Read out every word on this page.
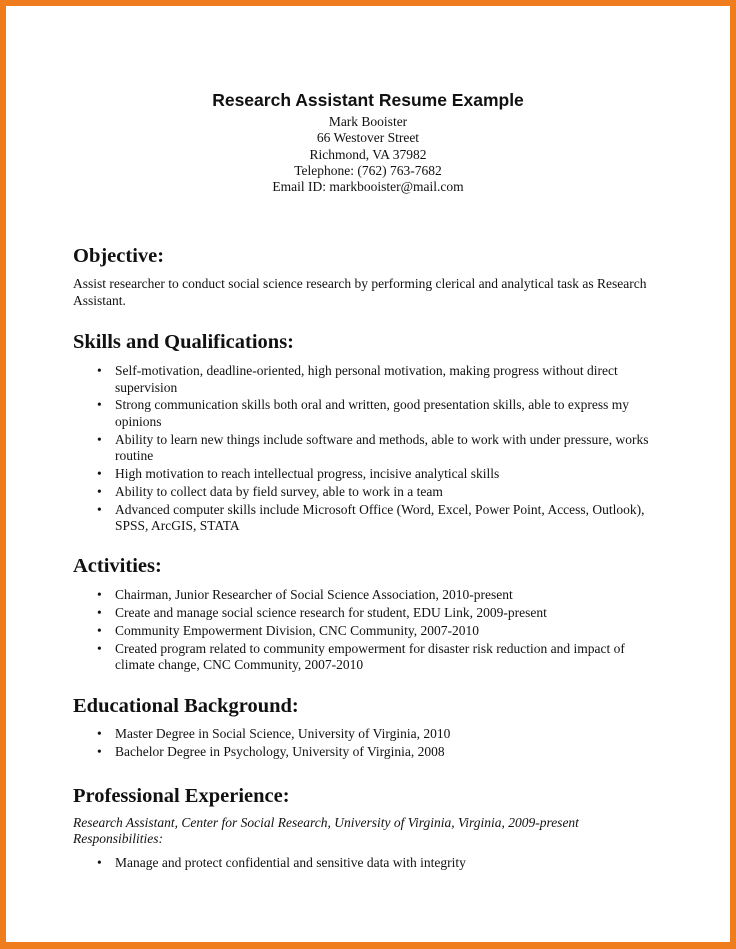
Research Assistant Resume Example
Mark Booister
66 Westover Street
Richmond, VA 37982
Telephone: (762) 763-7682
Email ID: markbooister@mail.com
Objective:
Assist researcher to conduct social science research by performing clerical and analytical task as Research Assistant.
Skills and Qualifications:
• Self-motivation, deadline-oriented, high personal motivation, making progress without direct supervision
• Strong communication skills both oral and written, good presentation skills, able to express my opinions
• Ability to learn new things include software and methods, able to work with under pressure, works routine
• High motivation to reach intellectual progress, incisive analytical skills
• Ability to collect data by field survey, able to work in a team
• Advanced computer skills include Microsoft Office (Word, Excel, Power Point, Access, Outlook), SPSS, ArcGIS, STATA
Activities:
• Chairman, Junior Researcher of Social Science Association, 2010-present
• Create and manage social science research for student, EDU Link, 2009-present
• Community Empowerment Division, CNC Community, 2007-2010
• Created program related to community empowerment for disaster risk reduction and impact of climate change, CNC Community, 2007-2010
Educational Background:
• Master Degree in Social Science, University of Virginia, 2010
• Bachelor Degree in Psychology, University of Virginia, 2008
Professional Experience:
Research Assistant, Center for Social Research, University of Virginia, Virginia, 2009-present
Responsibilities:
• Manage and protect confidential and sensitive data with integrity
